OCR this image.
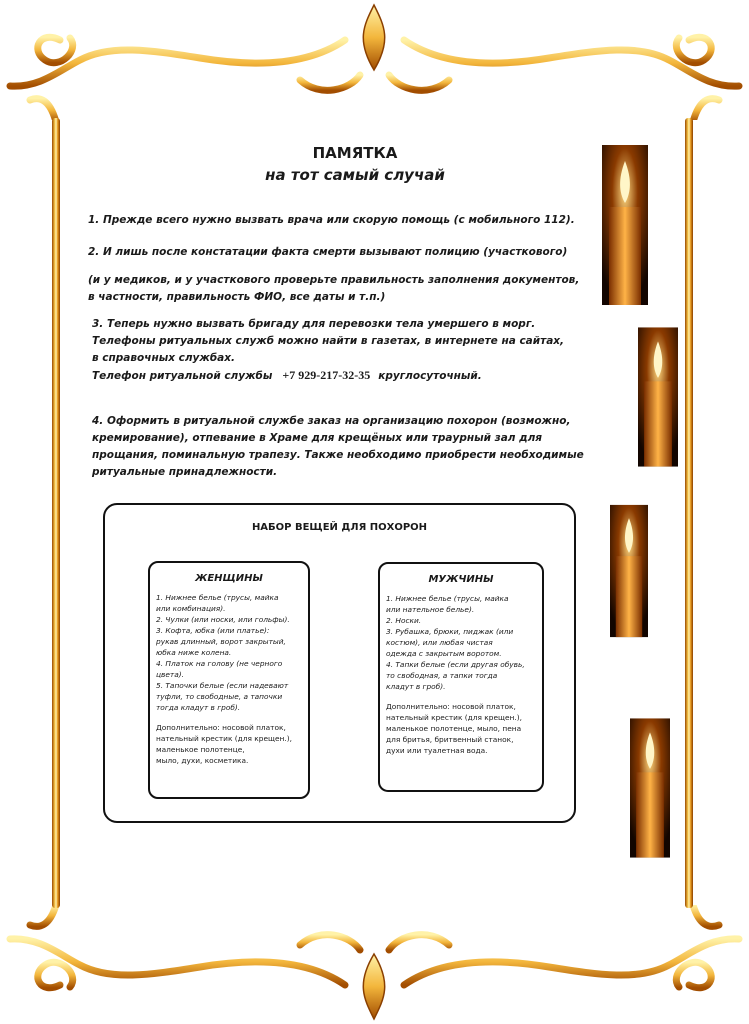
ПАМЯТКА
на тот самый случай
1. Прежде всего нужно вызвать врача или скорую помощь (с мобильного 112).
2. И лишь после констатации факта смерти вызывают полицию (участкового)
(и у медиков, и у участкового проверьте правильность заполнения документов,
в частности, правильность ФИО, все даты и т.п.)
3. Теперь нужно вызвать бригаду для перевозки тела умершего в морг.
Телефоны ритуальных служб можно найти в газетах, в интернете на сайтах,
в справочных службах.
Телефон ритуальной службы +7 929-217-32-35 круглосуточный.
4. Оформить в ритуальной службе заказ на организацию похорон (возможно,
кремирование), отпевание в Храме для крещёных или траурный зал для
прощания, поминальную трапезу. Также необходимо приобрести необходимые
ритуальные принадлежности.
НАБОР ВЕЩЕЙ ДЛЯ ПОХОРОН
ЖЕНЩИНЫ
1. Нижнее белье (трусы, майка
или комбинация).
2. Чулки (или носки, или гольфы).
3. Кофта, юбка (или платье):
рукав длинный, ворот закрытый,
юбка ниже колена.
4. Платок на голову (не черного
цвета).
5. Тапочки белые (если надевают
туфли, то свободные, а тапочки
тогда кладут в гроб).
Дополнительно: носовой платок,
нательный крестик (для крещен.),
маленькое полотенце,
мыло, духи, косметика.
МУЖЧИНЫ
1. Нижнее белье (трусы, майка
или нательное белье).
2. Носки.
3. Рубашка, брюки, пиджак (или
костюм), или любая чистая
одежда с закрытым воротом.
4. Тапки белые (если другая обувь,
то свободная, а тапки тогда
кладут в гроб).
Дополнительно: носовой платок,
нательный крестик (для крещен.),
маленькое полотенце, мыло, пена
для бритья, бритвенный станок,
духи или туалетная вода.
